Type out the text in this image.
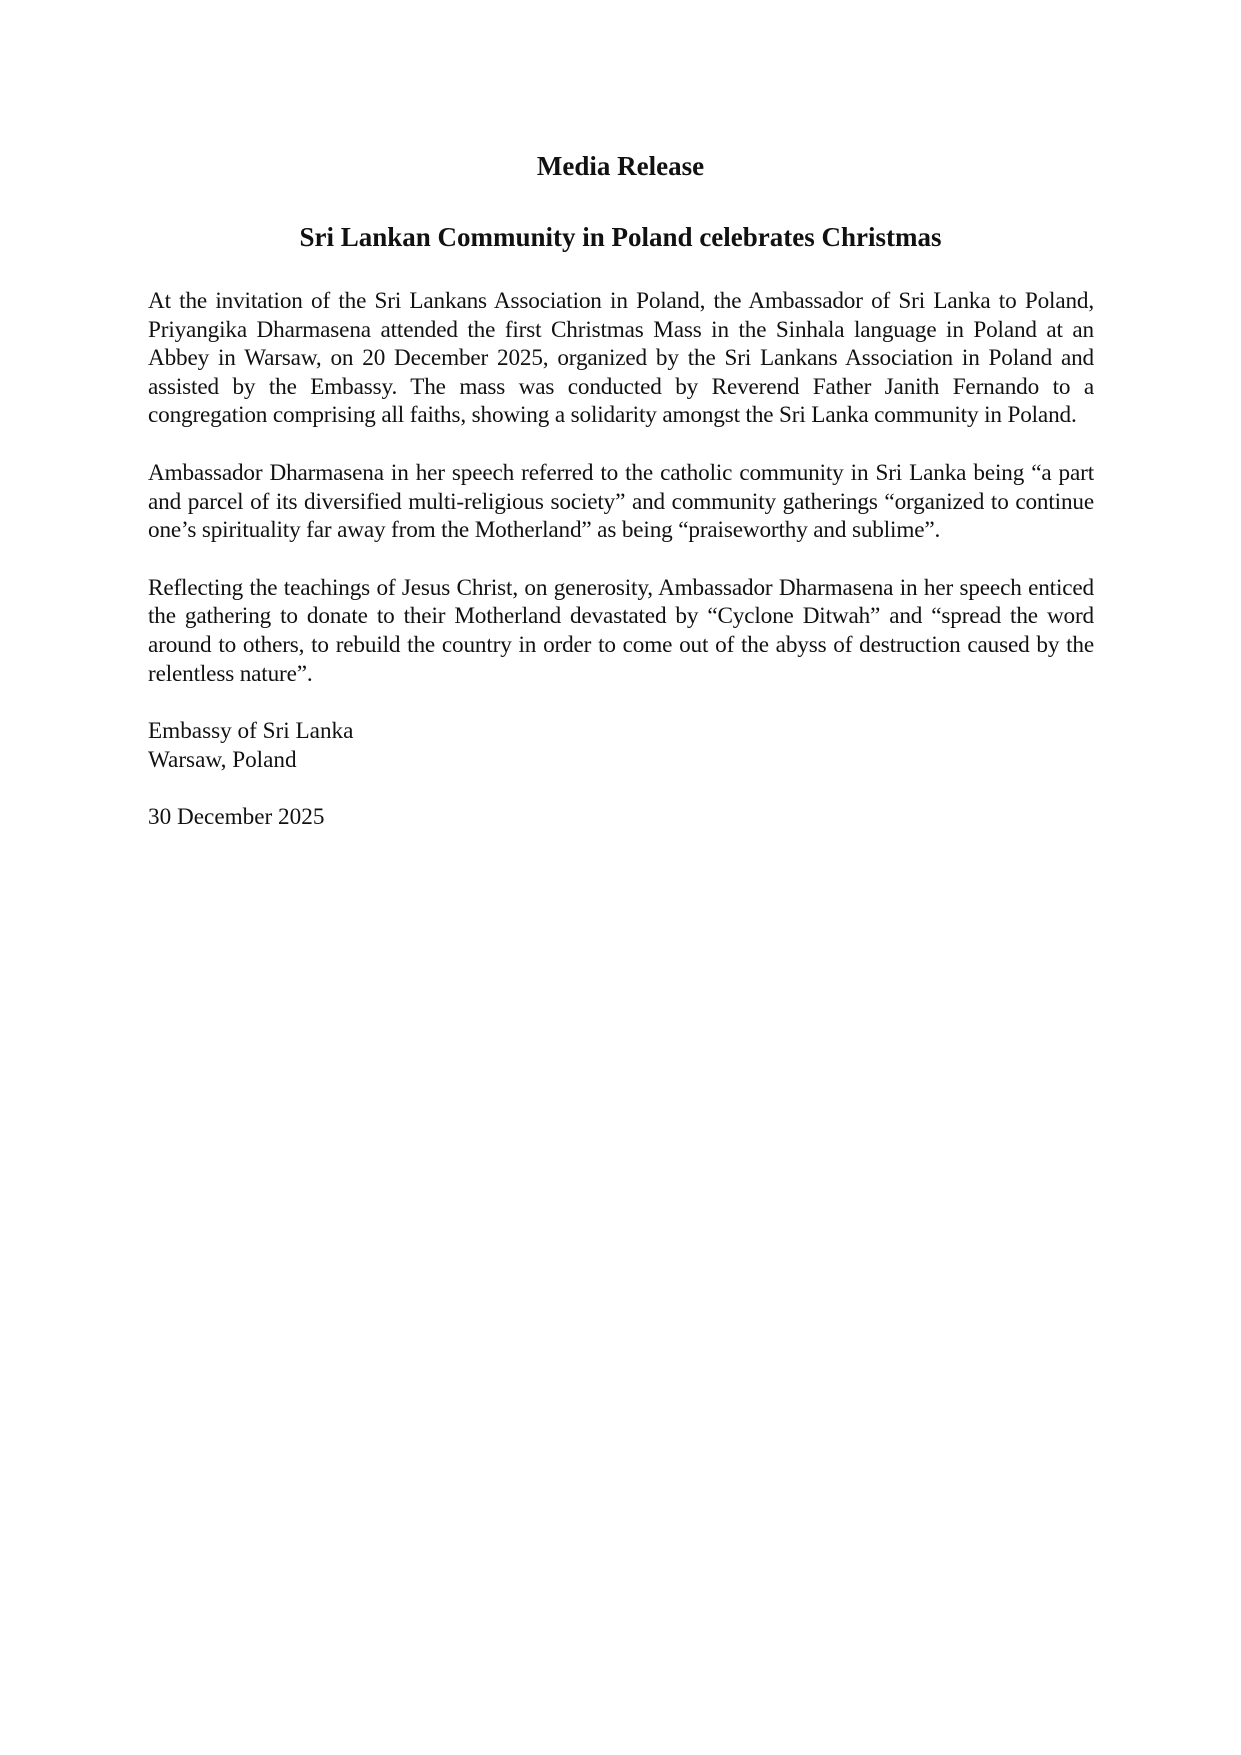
Media Release
Sri Lankan Community in Poland celebrates Christmas

At the invitation of the Sri Lankans Association in Poland, the Ambassador of Sri Lanka to Poland, Priyangika Dharmasena attended the first Christmas Mass in the Sinhala language in Poland at an Abbey in Warsaw, on 20 December 2025, organized by the Sri Lankans Association in Poland and assisted by the Embassy. The mass was conducted by Reverend Father Janith Fernando to a congregation comprising all faiths, showing a solidarity amongst the Sri Lanka community in Poland.

Ambassador Dharmasena in her speech referred to the catholic community in Sri Lanka being “a part and parcel of its diversified multi-religious society” and community gatherings “organized to continue one’s spirituality far away from the Motherland” as being “praiseworthy and sublime”.

Reflecting the teachings of Jesus Christ, on generosity, Ambassador Dharmasena in her speech enticed the gathering to donate to their Motherland devastated by “Cyclone Ditwah” and “spread the word around to others, to rebuild the country in order to come out of the abyss of destruction caused by the relentless nature”.

Embassy of Sri Lanka

Warsaw, Poland

30 December 2025
